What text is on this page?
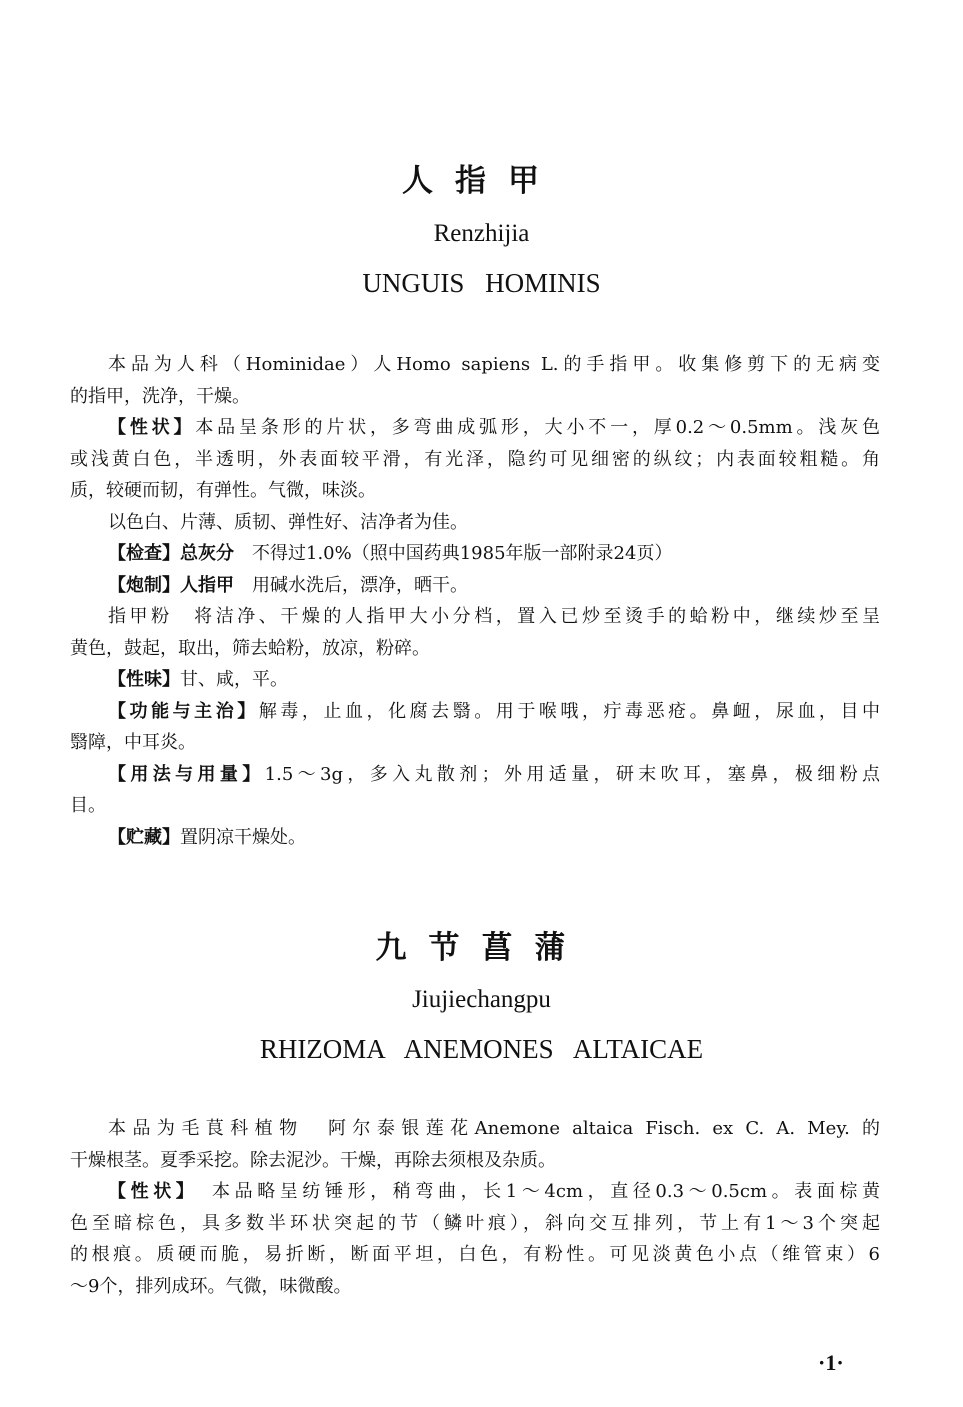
人指甲
Renzhijia
UNGUIS HOMINIS
本品为人科（Hominidae）人Homo sapiens L.的手指甲。收集修剪下的无病变
的指甲，洗净，干燥。
【性状】本品呈条形的片状，多弯曲成弧形，大小不一，厚0.2～0.5mm。浅灰色
或浅黄白色，半透明，外表面较平滑，有光泽，隐约可见细密的纵纹；内表面较粗糙。角
质，较硬而韧，有弹性。气微，味淡。
以色白、片薄、质韧、弹性好、洁净者为佳。
【检查】总灰分　不得过1.0%（照中国药典1985年版一部附录24页）
【炮制】人指甲　用碱水洗后，漂净，晒干。
指甲粉　将洁净、干燥的人指甲大小分档，置入已炒至烫手的蛤粉中，继续炒至呈
黄色，鼓起，取出，筛去蛤粉，放凉，粉碎。
【性味】甘、咸，平。
【功能与主治】解毒，止血，化腐去翳。用于喉哦，疔毒恶疮。鼻衄，尿血，目中
翳障，中耳炎。
【用法与用量】1.5～3g，多入丸散剂；外用适量，研末吹耳，塞鼻，极细粉点
目。
【贮藏】置阴凉干燥处。
九节菖蒲
Jiujiechangpu
RHIZOMA ANEMONES ALTAICAE
本品为毛茛科植物　阿尔泰银莲花Anemone altaica Fisch. ex C. A. Mey. 的
干燥根茎。夏季采挖。除去泥沙。干燥，再除去须根及杂质。
【性状】　本品略呈纺锤形，稍弯曲，长1～4cm，直径0.3～0.5cm。表面棕黄
色至暗棕色，具多数半环状突起的节（鳞叶痕），斜向交互排列，节上有1～3个突起
的根痕。质硬而脆，易折断，断面平坦，白色，有粉性。可见淡黄色小点（维管束）6
～9个，排列成环。气微，味微酸。
·1·
